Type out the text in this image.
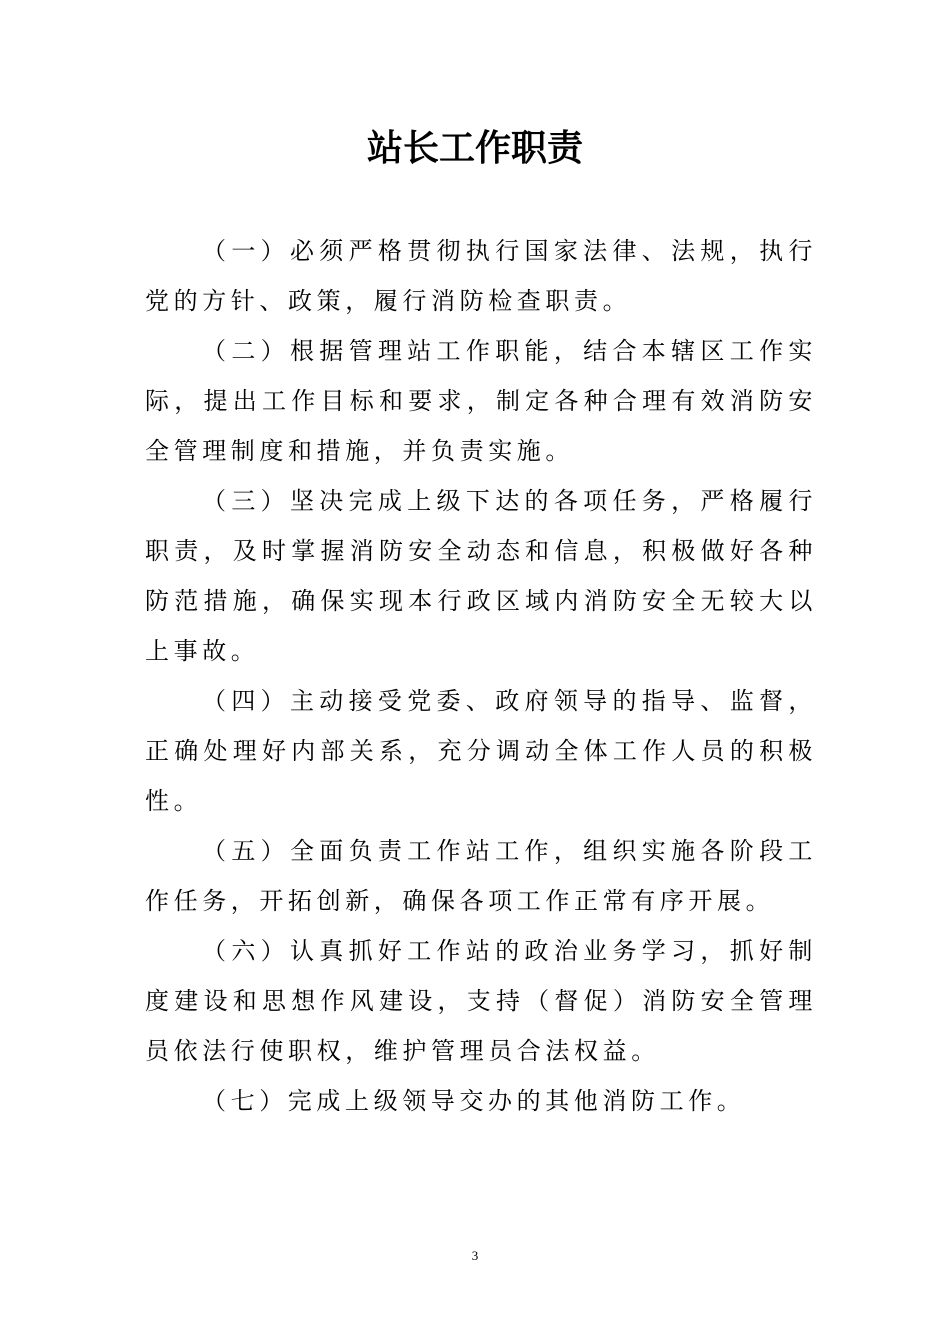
站长工作职责

（一）必须严格贯彻执行国家法律、法规，执行党的方针、政策，履行消防检查职责。

（二）根据管理站工作职能，结合本辖区工作实际，提出工作目标和要求，制定各种合理有效消防安全管理制度和措施，并负责实施。

（三）坚决完成上级下达的各项任务，严格履行职责，及时掌握消防安全动态和信息，积极做好各种防范措施，确保实现本行政区域内消防安全无较大以上事故。

（四）主动接受党委、政府领导的指导、监督，正确处理好内部关系，充分调动全体工作人员的积极性。

（五）全面负责工作站工作，组织实施各阶段工作任务，开拓创新，确保各项工作正常有序开展。

（六）认真抓好工作站的政治业务学习，抓好制度建设和思想作风建设，支持（督促）消防安全管理员依法行使职权，维护管理员合法权益。

（七）完成上级领导交办的其他消防工作。

3
